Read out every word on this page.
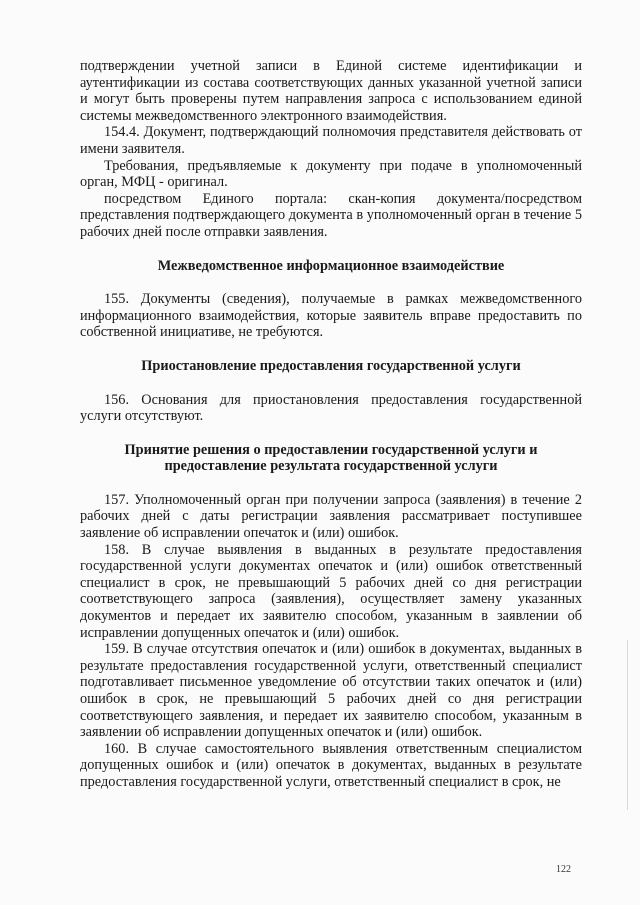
подтверждении учетной записи в Единой системе идентификации и аутентификации из состава соответствующих данных указанной учетной записи и могут быть проверены путем направления запроса с использованием единой системы межведомственного электронного взаимодействия.

154.4. Документ, подтверждающий полномочия представителя действовать от имени заявителя.

Требования, предъявляемые к документу при подаче в уполномоченный орган, МФЦ - оригинал.

посредством Единого портала: скан-копия документа/посредством представления подтверждающего документа в уполномоченный орган в течение 5 рабочих дней после отправки заявления.

Межведомственное информационное взаимодействие

155. Документы (сведения), получаемые в рамках межведомственного информационного взаимодействия, которые заявитель вправе предоставить по собственной инициативе, не требуются.

Приостановление предоставления государственной услуги

156. Основания для приостановления предоставления государственной услуги отсутствуют.

Принятие решения о предоставлении государственной услуги и
предоставление результата государственной услуги

157. Уполномоченный орган при получении запроса (заявления) в течение 2 рабочих дней с даты регистрации заявления рассматривает поступившее заявление об исправлении опечаток и (или) ошибок.

158. В случае выявления в выданных в результате предоставления государственной услуги документах опечаток и (или) ошибок ответственный специалист в срок, не превышающий 5 рабочих дней со дня регистрации соответствующего запроса (заявления), осуществляет замену указанных документов и передает их заявителю способом, указанным в заявлении об исправлении допущенных опечаток и (или) ошибок.

159. В случае отсутствия опечаток и (или) ошибок в документах, выданных в результате предоставления государственной услуги, ответственный специалист подготавливает письменное уведомление об отсутствии таких опечаток и (или) ошибок в срок, не превышающий 5 рабочих дней со дня регистрации соответствующего заявления, и передает их заявителю способом, указанным в заявлении об исправлении допущенных опечаток и (или) ошибок.

160. В случае самостоятельного выявления ответственным специалистом допущенных ошибок и (или) опечаток в документах, выданных в результате предоставления государственной услуги, ответственный специалист в срок, не

122
